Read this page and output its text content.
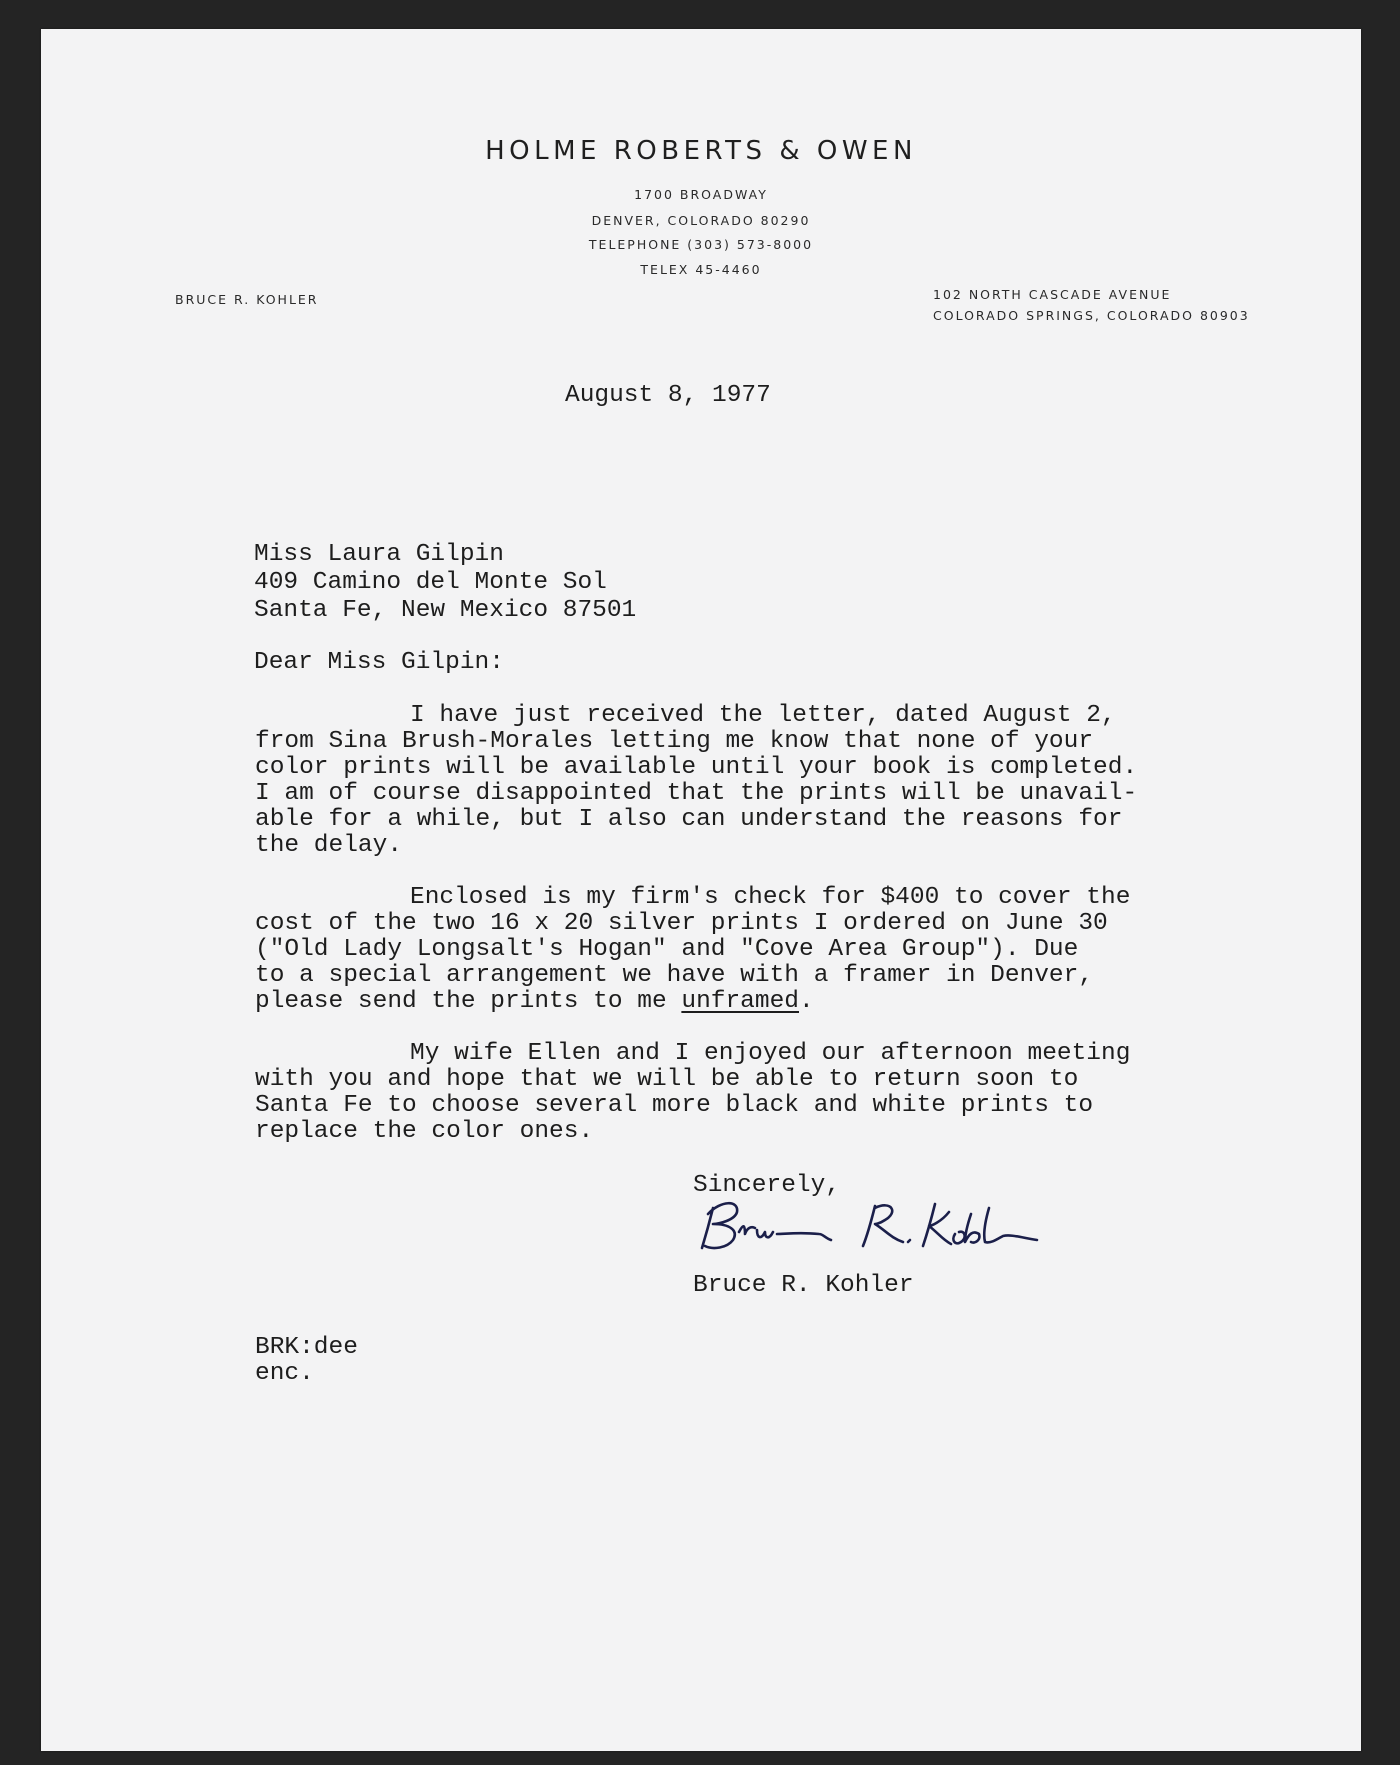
HOLME ROBERTS & OWEN
1700 BROADWAY
DENVER, COLORADO 80290
TELEPHONE (303) 573-8000
TELEX 45-4460
BRUCE R. KOHLER	102 NORTH CASCADE AVENUE
COLORADO SPRINGS, COLORADO 80903
August 8, 1977
Miss Laura Gilpin
409 Camino del Monte Sol
Santa Fe, New Mexico 87501
Dear Miss Gilpin:
I have just received the letter, dated August 2,
from Sina Brush-Morales letting me know that none of your
color prints will be available until your book is completed.
I am of course disappointed that the prints will be unavail-
able for a while, but I also can understand the reasons for
the delay.
Enclosed is my firm's check for $400 to cover the
cost of the two 16 x 20 silver prints I ordered on June 30
("Old Lady Longsalt's Hogan" and "Cove Area Group"). Due
to a special arrangement we have with a framer in Denver,
please send the prints to me unframed.
My wife Ellen and I enjoyed our afternoon meeting
with you and hope that we will be able to return soon to
Santa Fe to choose several more black and white prints to
replace the color ones.
Sincerely,
Bruce R. Kohler
BRK:dee
enc.
